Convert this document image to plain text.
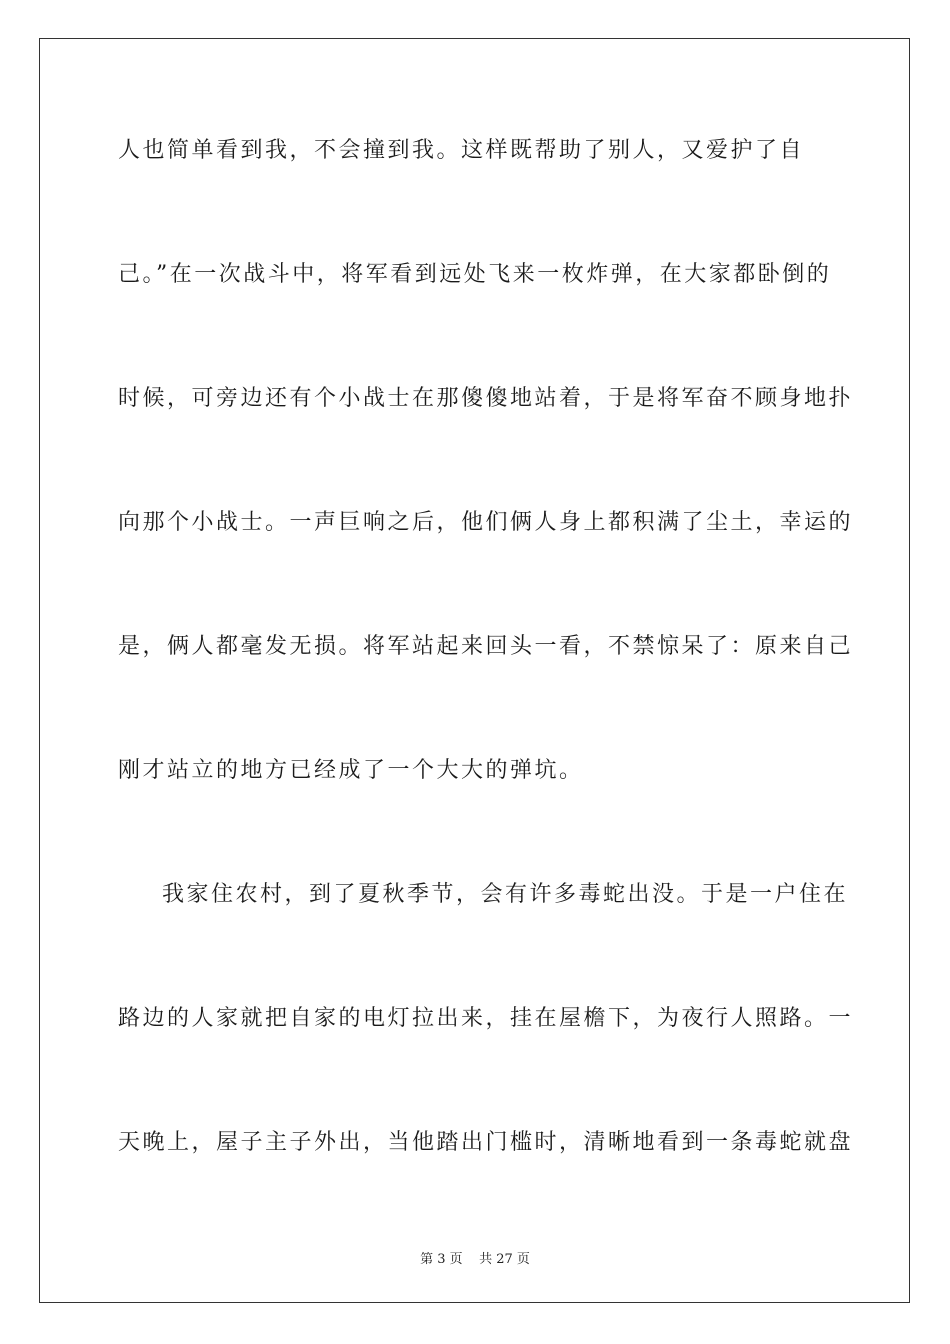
人也简单看到我，不会撞到我。这样既帮助了别人，又爱护了自
己。”在一次战斗中，将军看到远处飞来一枚炸弹，在大家都卧倒的
时候，可旁边还有个小战士在那傻傻地站着，于是将军奋不顾身地扑
向那个小战士。一声巨响之后，他们俩人身上都积满了尘土，幸运的
是，俩人都毫发无损。将军站起来回头一看，不禁惊呆了：原来自己
刚才站立的地方已经成了一个大大的弹坑。
我家住农村，到了夏秋季节，会有许多毒蛇出没。于是一户住在
路边的人家就把自家的电灯拉出来，挂在屋檐下，为夜行人照路。一
天晚上，屋子主子外出，当他踏出门槛时，清晰地看到一条毒蛇就盘
第 3 页    共 27 页
